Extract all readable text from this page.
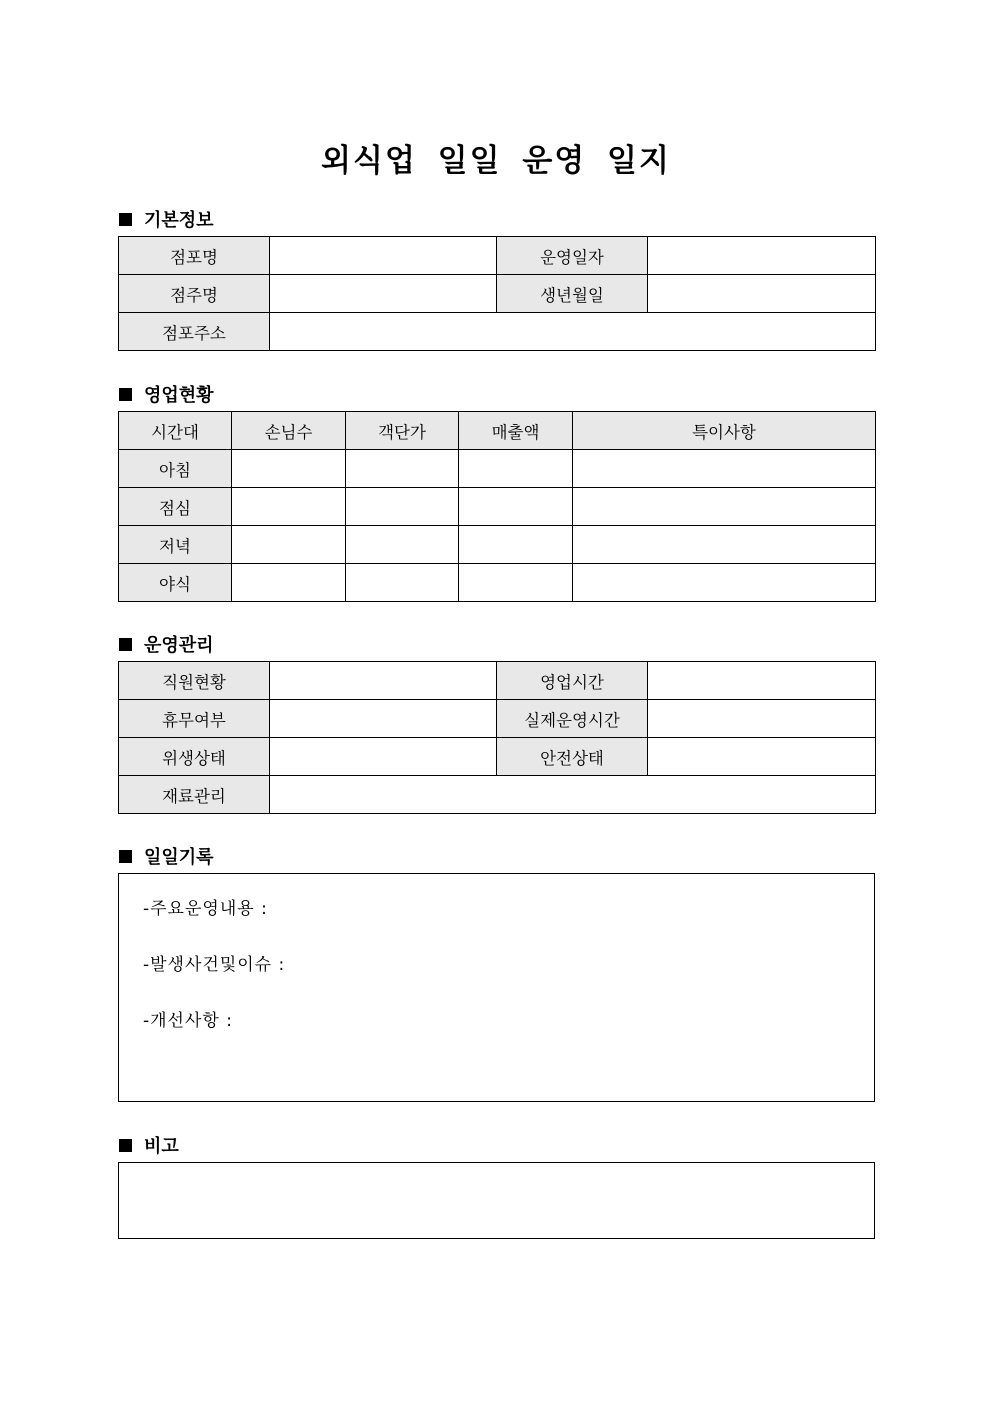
외식업 일일 운영 일지
기본정보
점포명		운영일자	
점주명		생년월일	
점포주소			
영업현황
시간대	손님수	객단가	매출액	특이사항
아침				
점심				
저녁				
야식				
운영관리
직원현황		영업시간	
휴무여부		실제운영시간	
위생상태		안전상태	
재료관리			
일일기록
-주요운영내용 :
-발생사건및이슈 :
-개선사항 :
비고
